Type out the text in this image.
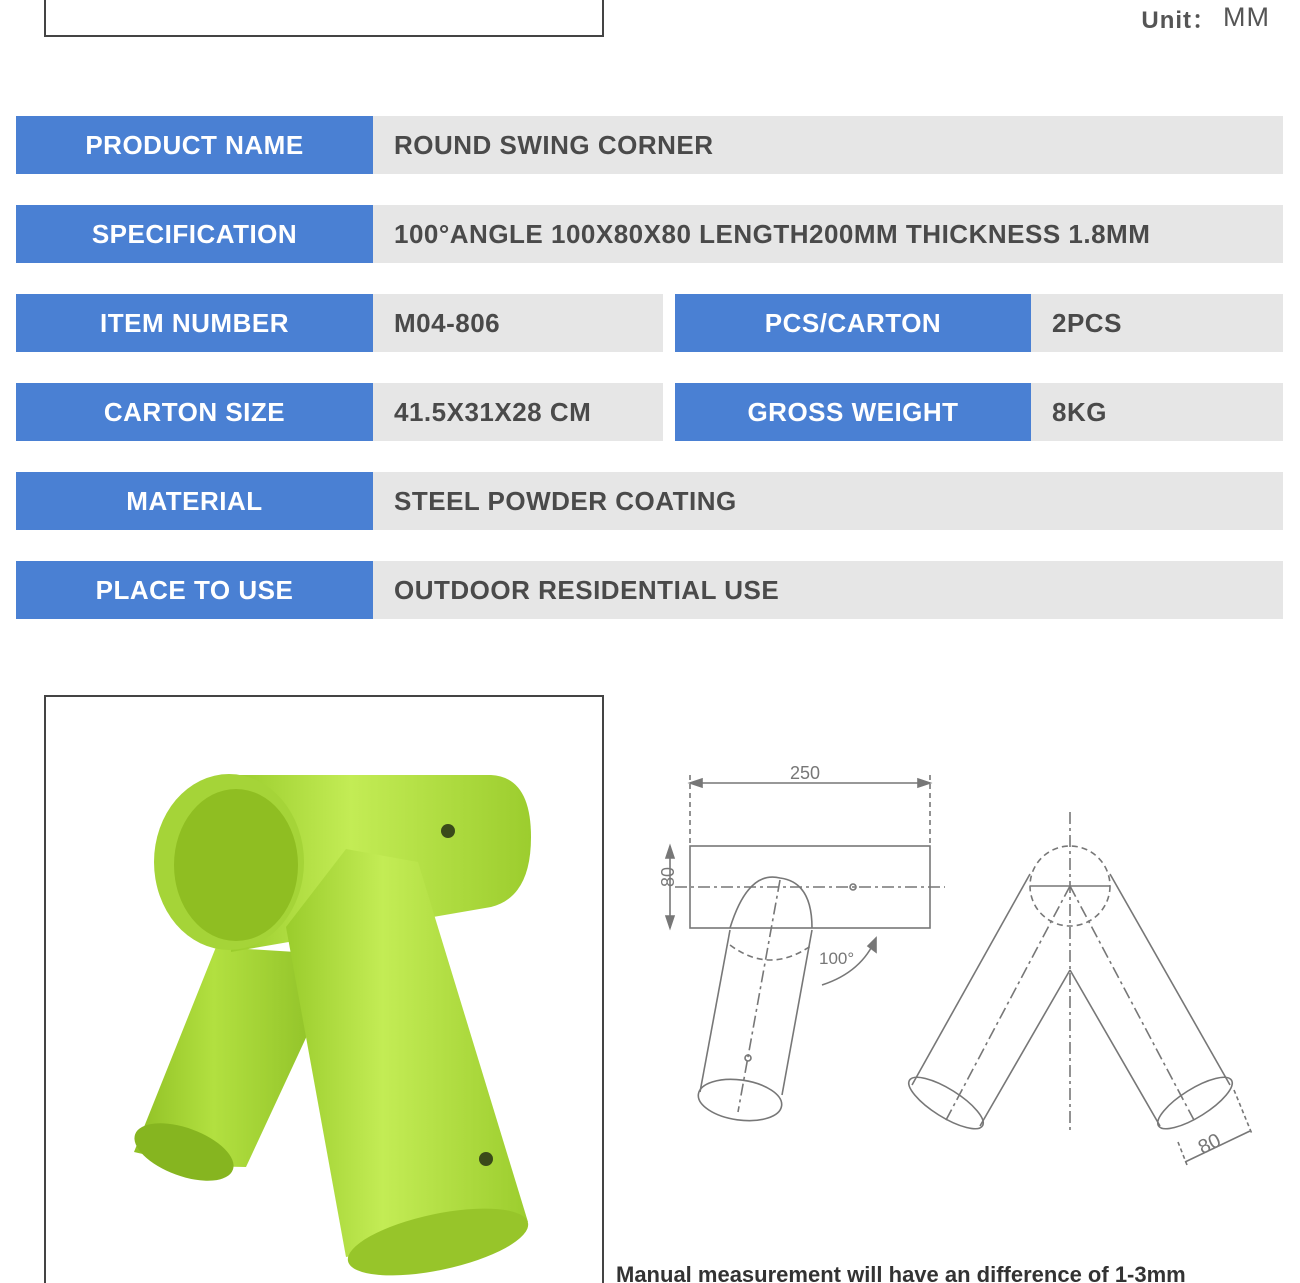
Unit： MM
PRODUCT NAME	ROUND SWING CORNER
SPECIFICATION	100°ANGLE 100X80X80 LENGTH200MM THICKNESS 1.8MM
ITEM NUMBER	M04-806	PCS/CARTON	2PCS
CARTON SIZE	41.5X31X28 CM	GROSS WEIGHT	8KG
MATERIAL	STEEL POWDER COATING
PLACE TO USE	OUTDOOR RESIDENTIAL USE
250
80
100°
80
Manual measurement will have an difference of 1-3mm
